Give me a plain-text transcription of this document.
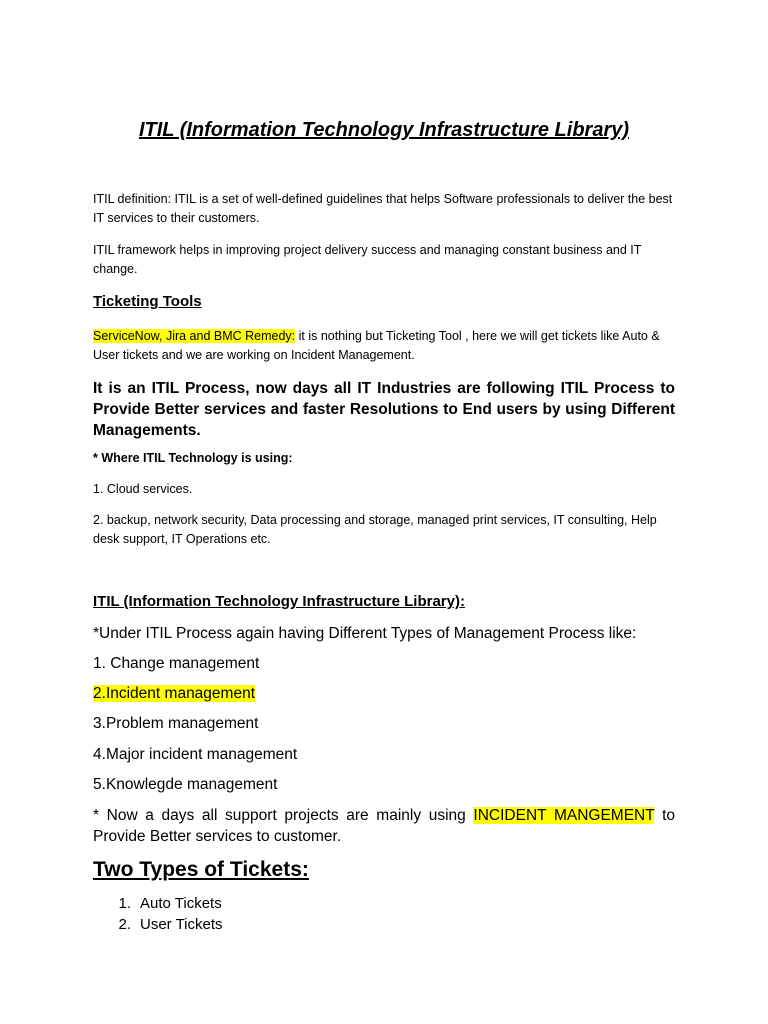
ITIL (Information Technology Infrastructure Library)

ITIL definition: ITIL is a set of well-defined guidelines that helps Software professionals to deliver the best IT services to their customers.

ITIL framework helps in improving project delivery success and managing constant business and IT change.

Ticketing Tools

ServiceNow, Jira and BMC Remedy: it is nothing but Ticketing Tool , here we will get tickets like Auto & User tickets and we are working on Incident Management.

It is an ITIL Process, now days all IT Industries are following ITIL Process to Provide Better services and faster Resolutions to End users by using Different Managements.

* Where ITIL Technology is using:

1. Cloud services.

2. backup, network security, Data processing and storage, managed print services, IT consulting, Help desk support, IT Operations etc.

ITIL (Information Technology Infrastructure Library):

*Under ITIL Process again having Different Types of Management Process like:

1. Change management

2.Incident management

3.Problem management

4.Major incident management

5.Knowlegde management

* Now a days all support projects are mainly using INCIDENT MANGEMENT to Provide Better services to customer.

Two Types of Tickets:
1. Auto Tickets
2. User Tickets
